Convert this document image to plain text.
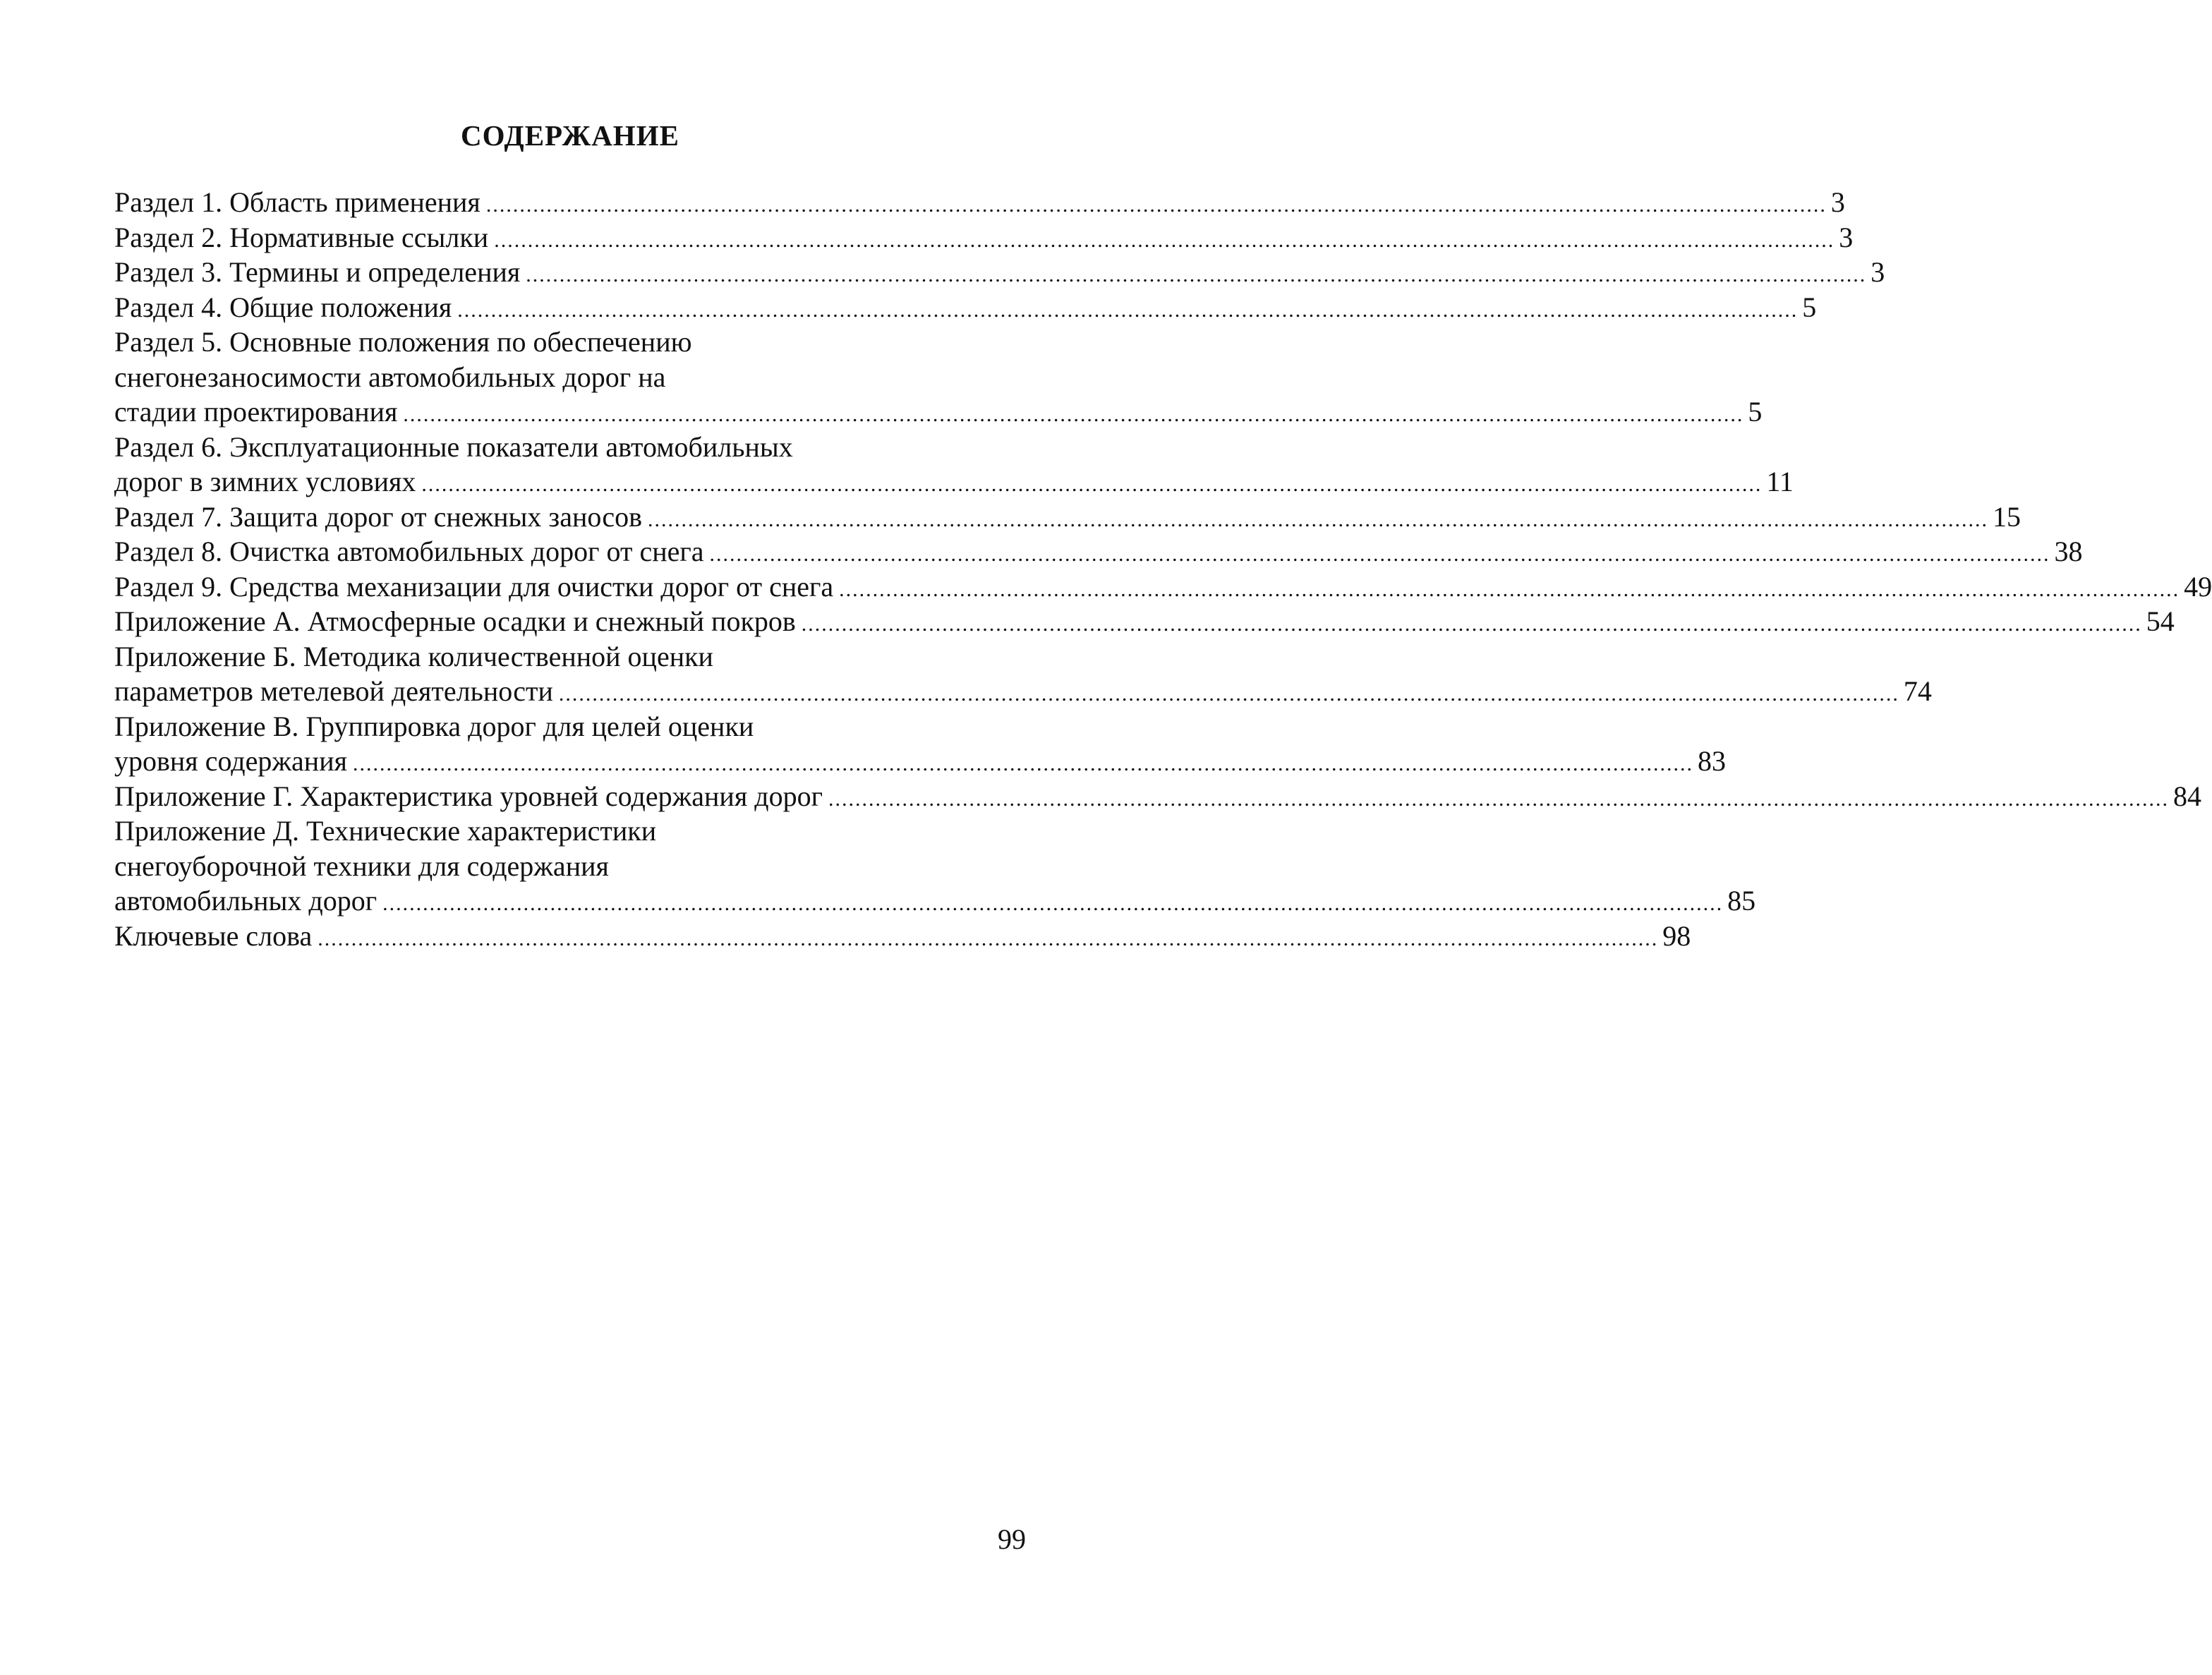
СОДЕРЖАНИЕ
Раздел 1. Область применения ........................................................................................................................................................................................................ 3
Раздел 2. Нормативные ссылки ........................................................................................................................................................................................................ 3
Раздел 3. Термины и определения ........................................................................................................................................................................................................ 3
Раздел 4. Общие положения ........................................................................................................................................................................................................ 5
Раздел 5. Основные положения по обеспечению
снегонезаносимости автомобильных дорог на
стадии проектирования ........................................................................................................................................................................................................ 5
Раздел 6. Эксплуатационные показатели автомобильных
дорог в зимних условиях ........................................................................................................................................................................................................ 11
Раздел 7. Защита дорог от снежных заносов ........................................................................................................................................................................................................ 15
Раздел 8. Очистка автомобильных дорог от снега ........................................................................................................................................................................................................ 38
Раздел 9. Средства механизации для очистки дорог от снега ........................................................................................................................................................................................................ 49
Приложение А. Атмосферные осадки и снежный покров ........................................................................................................................................................................................................ 54
Приложение Б. Методика количественной оценки
параметров метелевой деятельности ........................................................................................................................................................................................................ 74
Приложение В. Группировка дорог для целей оценки
уровня содержания ........................................................................................................................................................................................................ 83
Приложение Г. Характеристика уровней содержания дорог ........................................................................................................................................................................................................ 84
Приложение Д. Технические характеристики
снегоуборочной техники для содержания
автомобильных дорог ........................................................................................................................................................................................................ 85
Ключевые слова ........................................................................................................................................................................................................ 98
99
